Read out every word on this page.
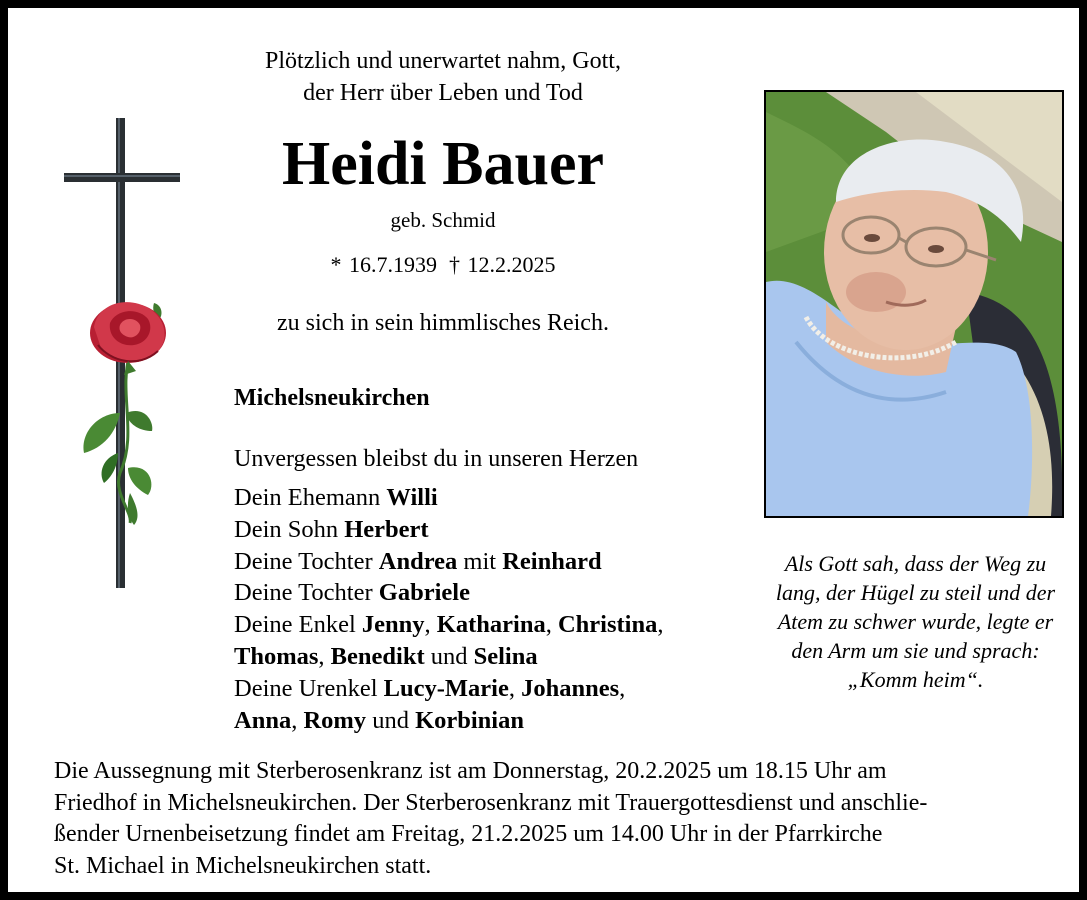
Plötzlich und unerwartet nahm, Gott,
der Herr über Leben und Tod
Heidi Bauer
geb. Schmid
* 16.7.1939 † 12.2.2025
zu sich in sein himmlisches Reich.
Michelsneukirchen
Unvergessen bleibst du in unseren Herzen
Dein Ehemann Willi
Dein Sohn Herbert
Deine Tochter Andrea mit Reinhard
Deine Tochter Gabriele
Deine Enkel Jenny, Katharina, Christina,
Thomas, Benedikt und Selina
Deine Urenkel Lucy-Marie, Johannes,
Anna, Romy und Korbinian
Als Gott sah, dass der Weg zu
lang, der Hügel zu steil und der
Atem zu schwer wurde, legte er
den Arm um sie und sprach:
„Komm heim“.
Die Aussegnung mit Sterberosenkranz ist am Donnerstag, 20.2.2025 um 18.15 Uhr am
Friedhof in Michelsneukirchen. Der Sterberosenkranz mit Trauergottesdienst und anschlie-
ßender Urnenbeisetzung findet am Freitag, 21.2.2025 um 14.00 Uhr in der Pfarrkirche
St. Michael in Michelsneukirchen statt.
